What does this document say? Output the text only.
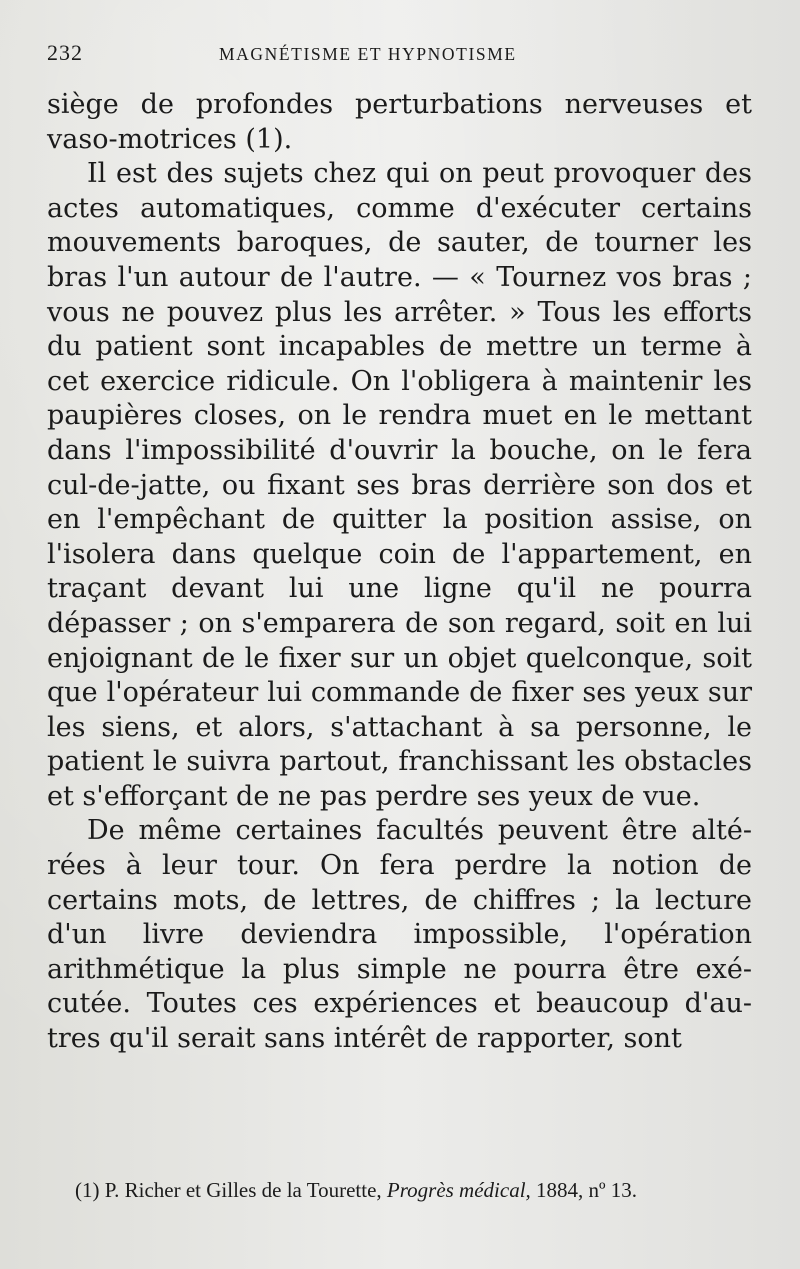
232	MAGNÉTISME ET HYPNOTISME

siège de profondes perturbations nerveuses et vaso-motrices (1).

Il est des sujets chez qui on peut provoquer des actes automatiques, comme d'exécuter certains mouvements baroques, de sauter, de tourner les bras l'un autour de l'autre. — « Tournez vos bras ; vous ne pouvez plus les arrêter. » Tous les efforts du patient sont incapables de mettre un terme à cet exercice ridicule. On l'obligera à maintenir les paupières closes, on le rendra muet en le mettant dans l'impossibilité d'ouvrir la bouche, on le fera cul-de-jatte, ou fixant ses bras derrière son dos et en l'empêchant de quitter la position assise, on l'isolera dans quelque coin de l'appartement, en traçant devant lui une ligne qu'il ne pourra dépasser ; on s'emparera de son regard, soit en lui enjoignant de le fixer sur un objet quelconque, soit que l'opérateur lui commande de fixer ses yeux sur les siens, et alors, s'attachant à sa personne, le patient le suivra partout, franchissant les obstacles et s'efforçant de ne pas perdre ses yeux de vue.

De même certaines facultés peuvent être altérées à leur tour. On fera perdre la notion de certains mots, de lettres, de chiffres ; la lecture d'un livre deviendra impossible, l'opération arithmétique la plus simple ne pourra être exécutée. Toutes ces expériences et beaucoup d'autres qu'il serait sans intérêt de rapporter, sont

(1) P. Richer et Gilles de la Tourette, Progrès médical, 1884, nº 13.
